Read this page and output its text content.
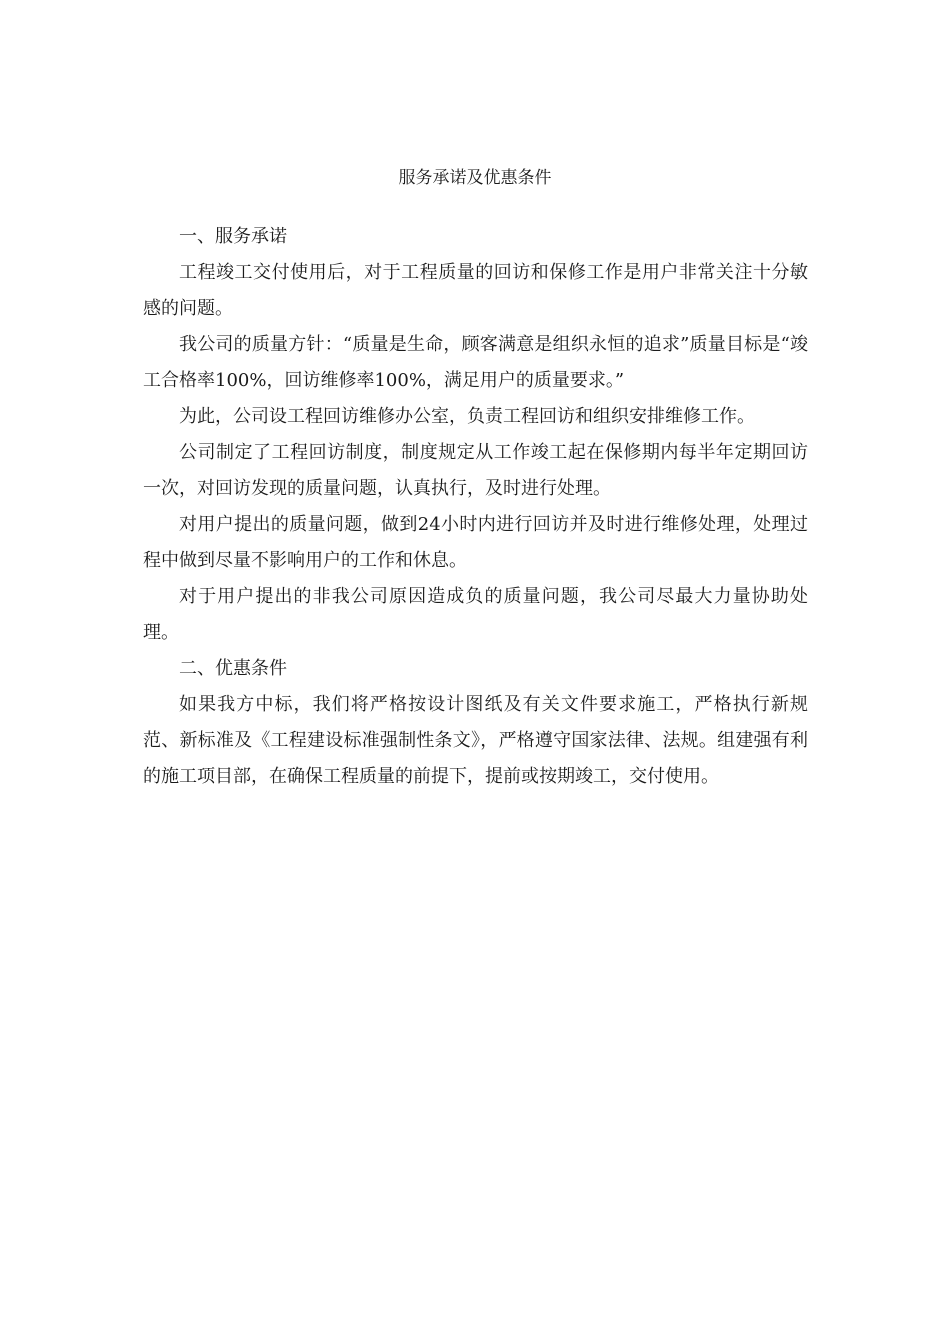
服务承诺及优惠条件

一、服务承诺

工程竣工交付使用后，对于工程质量的回访和保修工作是用户非常关注十分敏感的问题。

我公司的质量方针：“质量是生命，顾客满意是组织永恒的追求”质量目标是“竣工合格率100%，回访维修率100%，满足用户的质量要求。”

为此，公司设工程回访维修办公室，负责工程回访和组织安排维修工作。

公司制定了工程回访制度，制度规定从工作竣工起在保修期内每半年定期回访一次，对回访发现的质量问题，认真执行，及时进行处理。

对用户提出的质量问题，做到24小时内进行回访并及时进行维修处理，处理过程中做到尽量不影响用户的工作和休息。

对于用户提出的非我公司原因造成负的质量问题，我公司尽最大力量协助处理。

二、优惠条件

如果我方中标，我们将严格按设计图纸及有关文件要求施工，严格执行新规范、新标准及《工程建设标准强制性条文》，严格遵守国家法律、法规。组建强有利的施工项目部，在确保工程质量的前提下，提前或按期竣工，交付使用。
